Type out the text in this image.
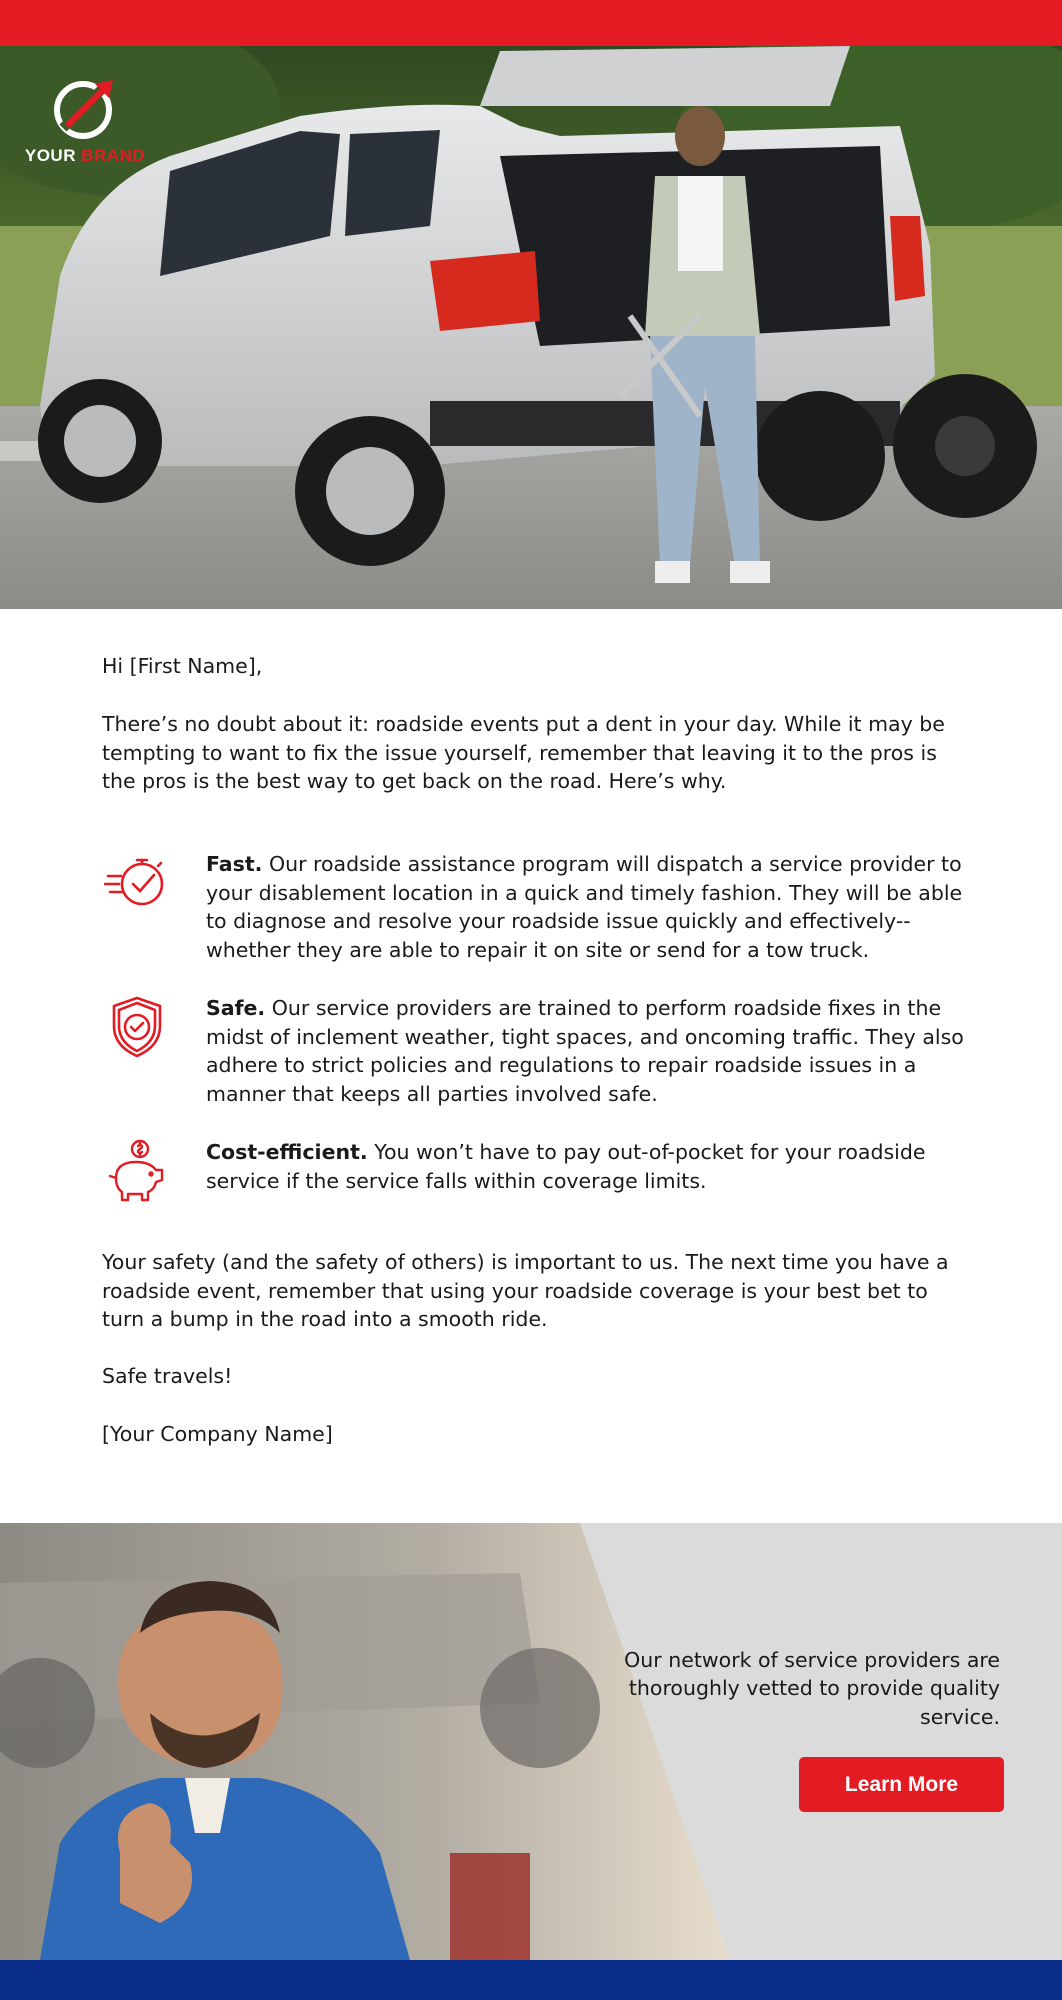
YOUR BRAND

Hi [First Name],

There’s no doubt about it: roadside events put a dent in your day. While it may be tempting to want to fix the issue yourself, remember that leaving it to the pros is the pros is the best way to get back on the road. Here’s why.

Fast. Our roadside assistance program will dispatch a service provider to your disablement location in a quick and timely fashion. They will be able to diagnose and resolve your roadside issue quickly and effectively--whether they are able to repair it on site or send for a tow truck.

Safe. Our service providers are trained to perform roadside fixes in the midst of inclement weather, tight spaces, and oncoming traffic. They also adhere to strict policies and regulations to repair roadside issues in a manner that keeps all parties involved safe.

Cost-efficient. You won’t have to pay out-of-pocket for your roadside service if the service falls within coverage limits.

Your safety (and the safety of others) is important to us. The next time you have a roadside event, remember that using your roadside coverage is your best bet to turn a bump in the road into a smooth ride.

Safe travels!

[Your Company Name]

Our network of service providers are thoroughly vetted to provide quality service.

Learn More
